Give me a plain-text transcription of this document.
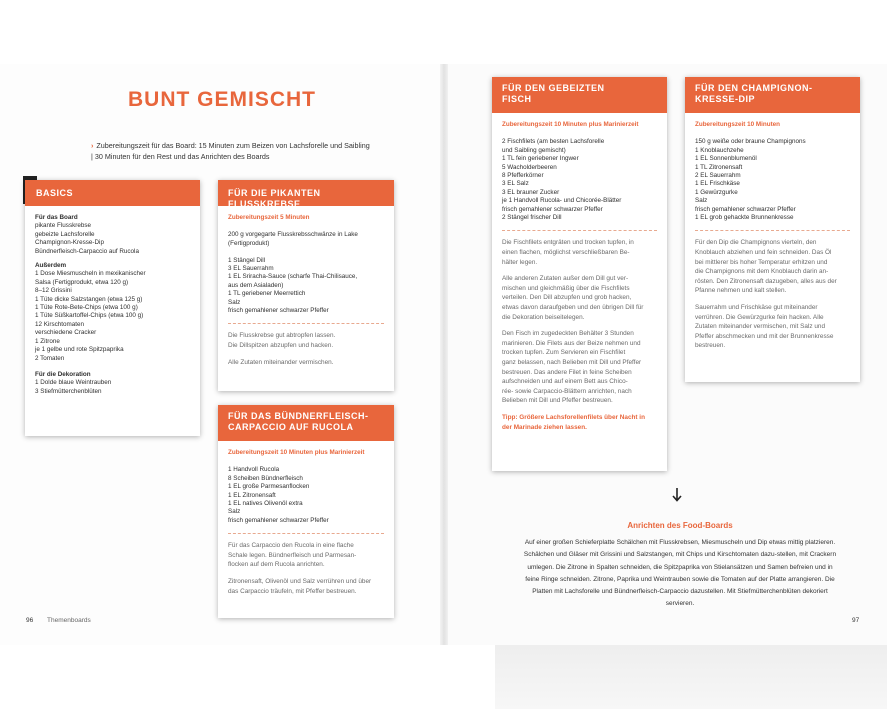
BUNT GEMISCHT
› Zubereitungszeit für das Board: 15 Minuten zum Beizen von Lachsforelle und Saibling | 30 Minuten für den Rest und das Anrichten des Boards
BASICS
Für das Board
pikante Flusskrebse
gebeizte Lachsforelle
Champignon-Kresse-Dip
Bündnerfleisch-Carpaccio auf Rucola
Außerdem
1 Dose Miesmuscheln in mexikanischer
Salsa (Fertigprodukt, etwa 120 g)
8–12 Grissini
1 Tüte dicke Salzstangen (etwa 125 g)
1 Tüte Rote-Bete-Chips (etwa 100 g)
1 Tüte Süßkartoffel-Chips (etwa 100 g)
12 Kirschtomaten
verschiedene Cracker
1 Zitrone
je 1 gelbe und rote Spitzpaprika
2 Tomaten
Für die Dekoration
1 Dolde blaue Weintrauben
3 Stiefmütterchenblüten
FÜR DIE PIKANTEN FLUSSKREBSE
Zubereitungszeit 5 Minuten
200 g vorgegarte Flusskrebsschwänze in Lake
(Fertigprodukt)

1 Stängel Dill
3 EL Sauerrahm
1 EL Sriracha-Sauce (scharfe Thai-Chilisauce,
aus dem Asialaden)
1 TL geriebener Meerrettich
Salz
frisch gemahlener schwarzer Pfeffer
Die Flusskrebse gut abtropfen lassen.
Die Dillspitzen abzupfen und hacken.
Alle Zutaten miteinander vermischen.
FÜR DAS BÜNDNERFLEISCH-
CARPACCIO AUF RUCOLA
Zubereitungszeit 10 Minuten plus Marinierzeit
1 Handvoll Rucola
8 Scheiben Bündnerfleisch
1 EL große Parmesanflocken
1 EL Zitronensaft
1 EL natives Olivenöl extra
Salz
frisch gemahlener schwarzer Pfeffer
Für das Carpaccio den Rucola in eine flache
Schale legen. Bündnerfleisch und Parmesan-
flocken auf dem Rucola anrichten.
Zitronensaft, Olivenöl und Salz verrühren und über
das Carpaccio träufeln, mit Pfeffer bestreuen.
FÜR DEN GEBEIZTEN
FISCH
Zubereitungszeit 10 Minuten plus Marinierzeit
2 Fischfilets (am besten Lachsforelle
und Saibling gemischt)
1 TL fein geriebener Ingwer
5 Wacholderbeeren
8 Pfefferkörner
3 EL Salz
3 EL brauner Zucker
je 1 Handvoll Rucola- und Chicorée-Blätter
frisch gemahlener schwarzer Pfeffer
2 Stängel frischer Dill
Die Fischfilets entgräten und trocken tupfen, in
einen flachen, möglichst verschließbaren Be-
hälter legen.
Alle anderen Zutaten außer dem Dill gut ver-
mischen und gleichmäßig über die Fischfilets
verteilen. Den Dill abzupfen und grob hacken,
etwas davon daraufgeben und den übrigen Dill für
die Dekoration beiseitelegen.
Den Fisch im zugedeckten Behälter 3 Stunden
marinieren. Die Filets aus der Beize nehmen und
trocken tupfen. Zum Servieren ein Fischfilet
ganz belassen, nach Belieben mit Dill und Pfeffer
bestreuen. Das andere Filet in feine Scheiben
aufschneiden und auf einem Bett aus Chico-
rée- sowie Carpaccio-Blättern anrichten, nach
Belieben mit Dill und Pfeffer bestreuen.
Tipp: Größere Lachsforellenfilets über Nacht in
der Marinade ziehen lassen.
FÜR DEN CHAMPIGNON-
KRESSE-DIP
Zubereitungszeit 10 Minuten
150 g weiße oder braune Champignons
1 Knoblauchzehe
1 EL Sonnenblumenöl
1 TL Zitronensaft
2 EL Sauerrahm
1 EL Frischkäse
1 Gewürzgurke
Salz
frisch gemahlener schwarzer Pfeffer
1 EL grob gehackte Brunnenkresse
Für den Dip die Champignons vierteln, den
Knoblauch abziehen und fein schneiden. Das Öl
bei mittlerer bis hoher Temperatur erhitzen und
die Champignons mit dem Knoblauch darin an-
rösten. Den Zitronensaft dazugeben, alles aus der
Pfanne nehmen und kalt stellen.
Sauerrahm und Frischkäse gut miteinander
verrühren. Die Gewürzgurke fein hacken. Alle
Zutaten miteinander vermischen, mit Salz und
Pfeffer abschmecken und mit der Brunnenkresse
bestreuen.
Anrichten des Food-Boards
Auf einer großen Schieferplatte Schälchen mit Flusskrebsen, Miesmuscheln und Dip etwas mittig platzieren. Schälchen und Gläser mit Grissini und Salzstangen, mit Chips und Kirschtomaten dazu-stellen, mit Crackern umlegen. Die Zitrone in Spalten schneiden, die Spitzpaprika von Stielansätzen und Samen befreien und in feine Ringe schneiden. Zitrone, Paprika und Weintrauben sowie die Tomaten auf der Platte arrangieren. Die Platten mit Lachsforelle und Bündnerfleisch-Carpaccio dazustellen. Mit Stiefmütterchenblüten dekoriert servieren.
96 Themenboards	97
